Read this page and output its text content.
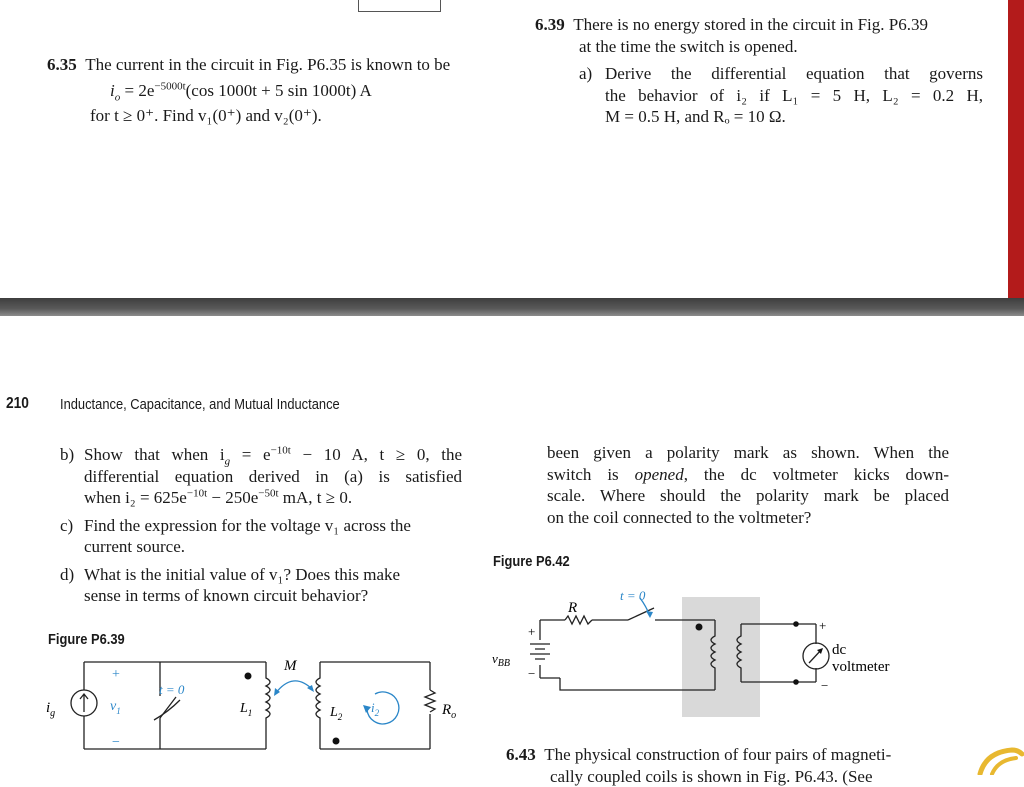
6.35 The current in the circuit in Fig. P6.35 is known to be
$i_o = 2e^{-5000t}(\cos$ 1000t + 5 sin 1000t) A
for t ≥ 0⁺. Find v₁(0⁺) and v₂(0⁺).
6.39 There is no energy stored in the circuit in Fig. P6.39
at the time the switch is opened.
a) Derive the differential equation that governs
the behavior of i₂ if L₁ = 5 H, L₂ = 0.2 H,
M = 0.5 H, and Rₒ = 10 Ω.
210 Inductance, Capacitance, and Mutual Inductance
b) Show that when $i_g = e^{-10t} - 10$ A, t ≥ 0, the
differential equation derived in (a) is satisfied
when $i_2 = 625e^{-10t} - 250e^{-50t}$ mA, t ≥ 0.
c) Find the expression for the voltage v₁ across the
current source.
d) What is the initial value of v₁? Does this make
sense in terms of known circuit behavior?
Figure P6.39
$i_g$
+
$v_1$
−
t = 0
$L_1$
M
$L_2$
$i_2$	$R_o$
been given a polarity mark as shown. When the
switch is opened, the dc voltmeter kicks down-
scale. Where should the polarity mark be placed
on the coil connected to the voltmeter?
Figure P6.42
t = 0
R
+
−
$v_{BB}$
+
−
dc
voltmeter
6.43 The physical construction of four pairs of magneti-
cally coupled coils is shown in Fig. P6.43. (See
